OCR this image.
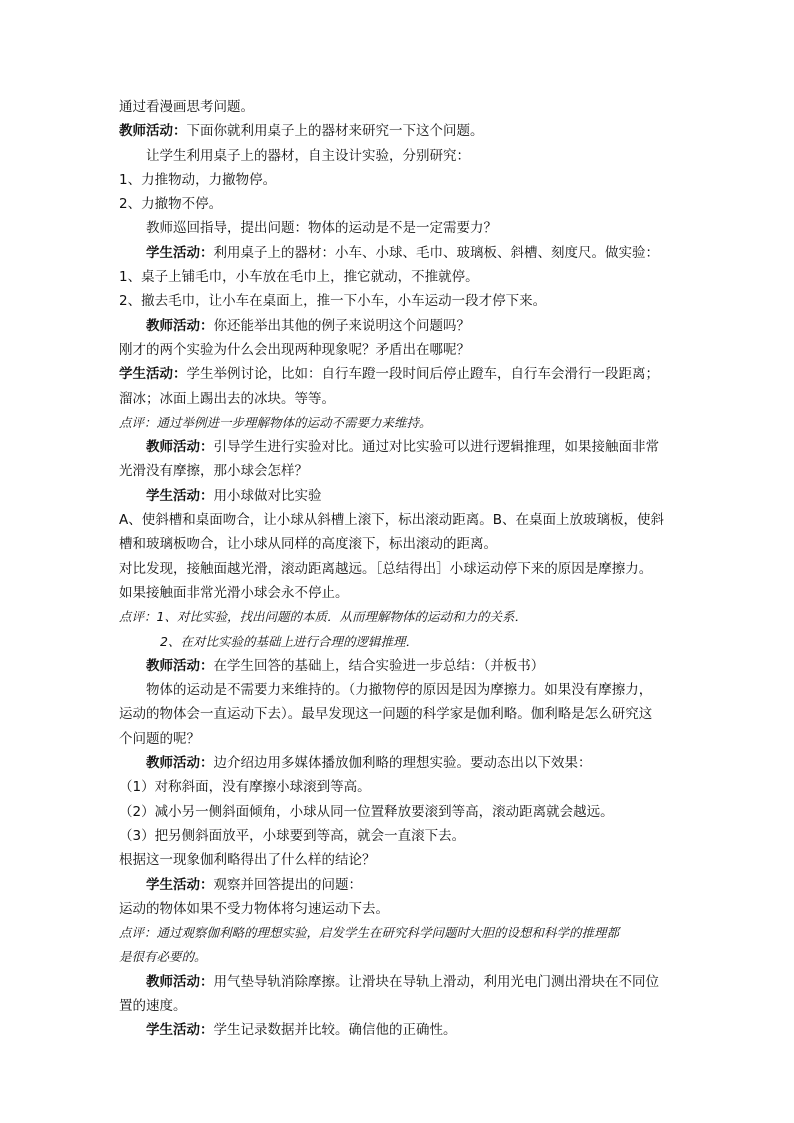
通过看漫画思考问题。
教师活动：下面你就利用桌子上的器材来研究一下这个问题。
让学生利用桌子上的器材，自主设计实验，分别研究：
1、力推物动，力撤物停。
2、力撤物不停。
教师巡回指导，提出问题：物体的运动是不是一定需要力？
学生活动：利用桌子上的器材：小车、小球、毛巾、玻璃板、斜槽、刻度尺。做实验：
1、桌子上铺毛巾，小车放在毛巾上，推它就动，不推就停。
2、撤去毛巾，让小车在桌面上，推一下小车，小车运动一段才停下来。
教师活动：你还能举出其他的例子来说明这个问题吗？
刚才的两个实验为什么会出现两种现象呢？矛盾出在哪呢？
学生活动：学生举例讨论，比如：自行车蹬一段时间后停止蹬车，自行车会滑行一段距离；
溜冰；冰面上踢出去的冰块。等等。
点评：通过举例进一步理解物体的运动不需要力来维持。
教师活动：引导学生进行实验对比。通过对比实验可以进行逻辑推理，如果接触面非常
光滑没有摩擦，那小球会怎样？
学生活动：用小球做对比实验
A、使斜槽和桌面吻合，让小球从斜槽上滚下，标出滚动距离。B、在桌面上放玻璃板，使斜
槽和玻璃板吻合，让小球从同样的高度滚下，标出滚动的距离。
对比发现，接触面越光滑，滚动距离越远。［总结得出］小球运动停下来的原因是摩擦力。
如果接触面非常光滑小球会永不停止。
点评：1、对比实验，找出问题的本质．从而理解物体的运动和力的关系．
2、在对比实验的基础上进行合理的逻辑推理．
教师活动：在学生回答的基础上，结合实验进一步总结：（并板书）
物体的运动是不需要力来维持的。（力撤物停的原因是因为摩擦力。如果没有摩擦力，
运动的物体会一直运动下去）。最早发现这一问题的科学家是伽利略。伽利略是怎么研究这
个问题的呢？
教师活动：边介绍边用多媒体播放伽利略的理想实验。要动态出以下效果：
（1）对称斜面，没有摩擦小球滚到等高。
（2）减小另一侧斜面倾角，小球从同一位置释放要滚到等高，滚动距离就会越远。
（3）把另侧斜面放平，小球要到等高，就会一直滚下去。
根据这一现象伽利略得出了什么样的结论？
学生活动：观察并回答提出的问题：
运动的物体如果不受力物体将匀速运动下去。
点评：通过观察伽利略的理想实验，启发学生在研究科学问题时大胆的设想和科学的推理都
是很有必要的。
教师活动：用气垫导轨消除摩擦。让滑块在导轨上滑动，利用光电门测出滑块在不同位
置的速度。
学生活动：学生记录数据并比较。确信他的正确性。
